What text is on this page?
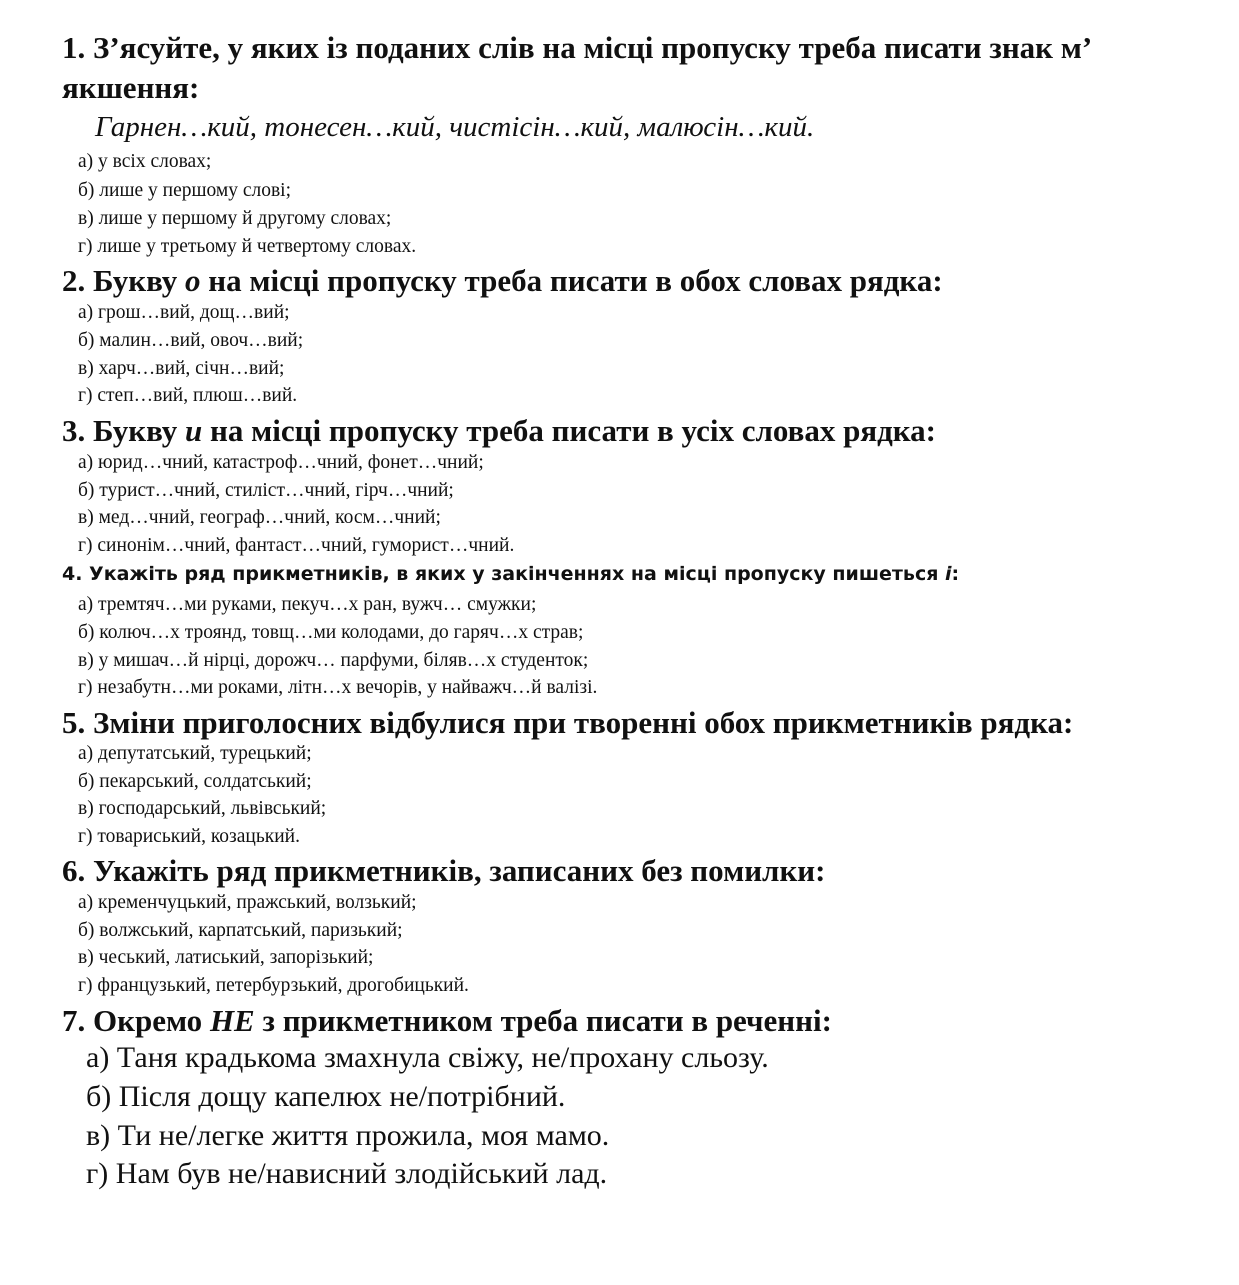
1. З’ясуйте, у яких із поданих слів на місці пропуску треба писати знак м’
якшення:
Гарнен…кий, тонесен…кий, чистісін…кий, малюсін…кий.
а) у всіх словах;
б) лише у першому слові;
в) лише у першому й другому словах;
г) лише у третьому й четвертому словах.
2. Букву о на місці пропуску треба писати в обох словах рядка:
а) грош…вий, дощ…вий;
б) малин…вий, овоч…вий;
в) харч…вий, січн…вий;
г) степ…вий, плюш…вий.
3. Букву и на місці пропуску треба писати в усіх словах рядка:
а) юрид…чний, катастроф…чний, фонет…чний;
б) турист…чний, стиліст…чний, гірч…чний;
в) мед…чний, географ…чний, косм…чний;
г) синонім…чний, фантаст…чний, гуморист…чний.
4. Укажіть ряд прикметників, в яких у закінченнях на місці пропуску пишеться і:
а) тремтяч…ми руками, пекуч…х ран, вужч… смужки;
б) колюч…х троянд, товщ…ми колодами, до гаряч…х страв;
в) у мишач…й нірці, дорожч… парфуми, біляв…х студенток;
г) незабутн…ми роками, літн…х вечорів, у найважч…й валізі.
5. Зміни приголосних відбулися при творенні обох прикметників рядка:
а) депутатський, турецький;
б) пекарський, солдатський;
в) господарський, львівський;
г) товариський, козацький.
6. Укажіть ряд прикметників, записаних без помилки:
а) кременчуцький, пражський, волзький;
б) волжський, карпатський, паризький;
в) чеський, латиський, запорізький;
г) французький, петербурзький, дрогобицький.
7. Окремо НЕ з прикметником треба писати в реченні:
а) Таня крадькома змахнула свіжу, не/прохану сльозу.
б) Після дощу капелюх не/потрібний.
в) Ти не/легке життя прожила, моя мамо.
г) Нам був не/нависний злодійський лад.
